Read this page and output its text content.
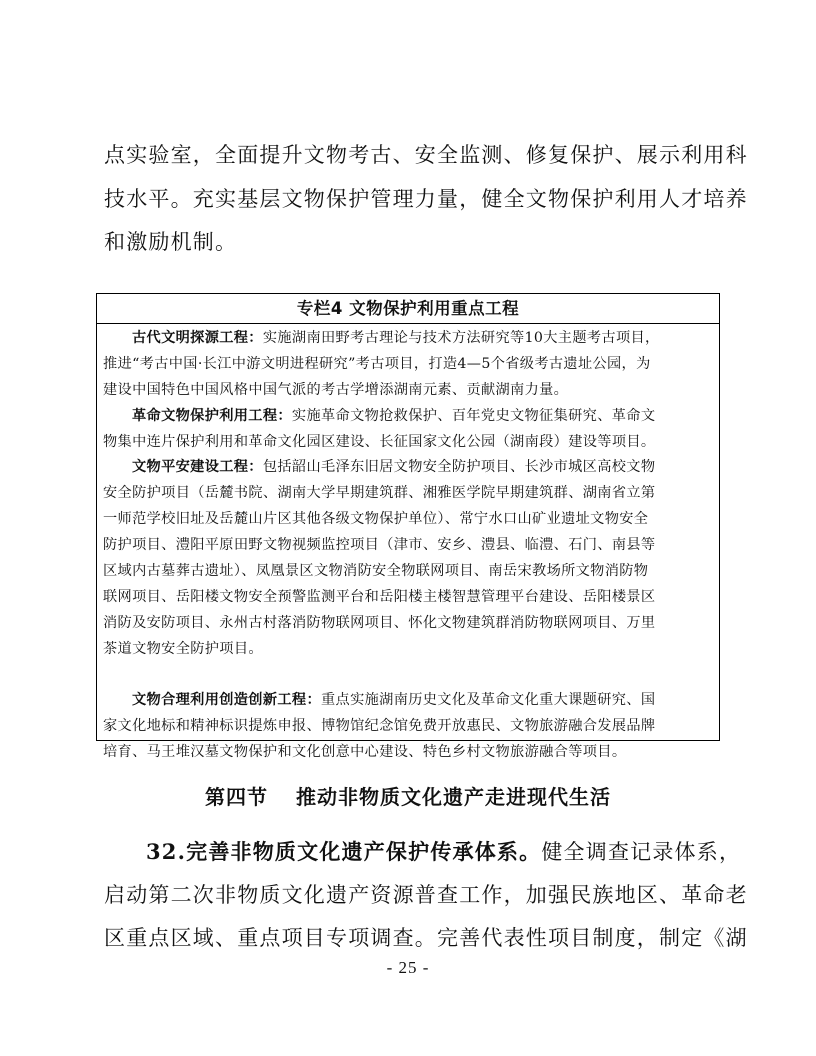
点实验室，全面提升文物考古、安全监测、修复保护、展示利用科
技水平。充实基层文物保护管理力量，健全文物保护利用人才培养
和激励机制。
专栏4 文物保护利用重点工程
古代文明探源工程：实施湖南田野考古理论与技术方法研究等10大主题考古项目，
推进“考古中国·长江中游文明进程研究”考古项目，打造4—5个省级考古遗址公园，为
建设中国特色中国风格中国气派的考古学增添湖南元素、贡献湖南力量。
革命文物保护利用工程：实施革命文物抢救保护、百年党史文物征集研究、革命文
物集中连片保护利用和革命文化园区建设、长征国家文化公园（湖南段）建设等项目。
文物平安建设工程：包括韶山毛泽东旧居文物安全防护项目、长沙市城区高校文物
安全防护项目（岳麓书院、湖南大学早期建筑群、湘雅医学院早期建筑群、湖南省立第
一师范学校旧址及岳麓山片区其他各级文物保护单位）、常宁水口山矿业遗址文物安全
防护项目、澧阳平原田野文物视频监控项目（津市、安乡、澧县、临澧、石门、南县等
区域内古墓葬古遗址）、凤凰景区文物消防安全物联网项目、南岳宋教场所文物消防物
联网项目、岳阳楼文物安全预警监测平台和岳阳楼主楼智慧管理平台建设、岳阳楼景区
消防及安防项目、永州古村落消防物联网项目、怀化文物建筑群消防物联网项目、万里
茶道文物安全防护项目。
文物合理利用创造创新工程：重点实施湖南历史文化及革命文化重大课题研究、国
家文化地标和精神标识提炼申报、博物馆纪念馆免费开放惠民、文物旅游融合发展品牌
培育、马王堆汉墓文物保护和文化创意中心建设、特色乡村文物旅游融合等项目。
第四节 推动非物质文化遗产走进现代生活
32.完善非物质文化遗产保护传承体系。健全调查记录体系，
启动第二次非物质文化遗产资源普查工作，加强民族地区、革命老
区重点区域、重点项目专项调查。完善代表性项目制度，制定《湖
- 25 -
